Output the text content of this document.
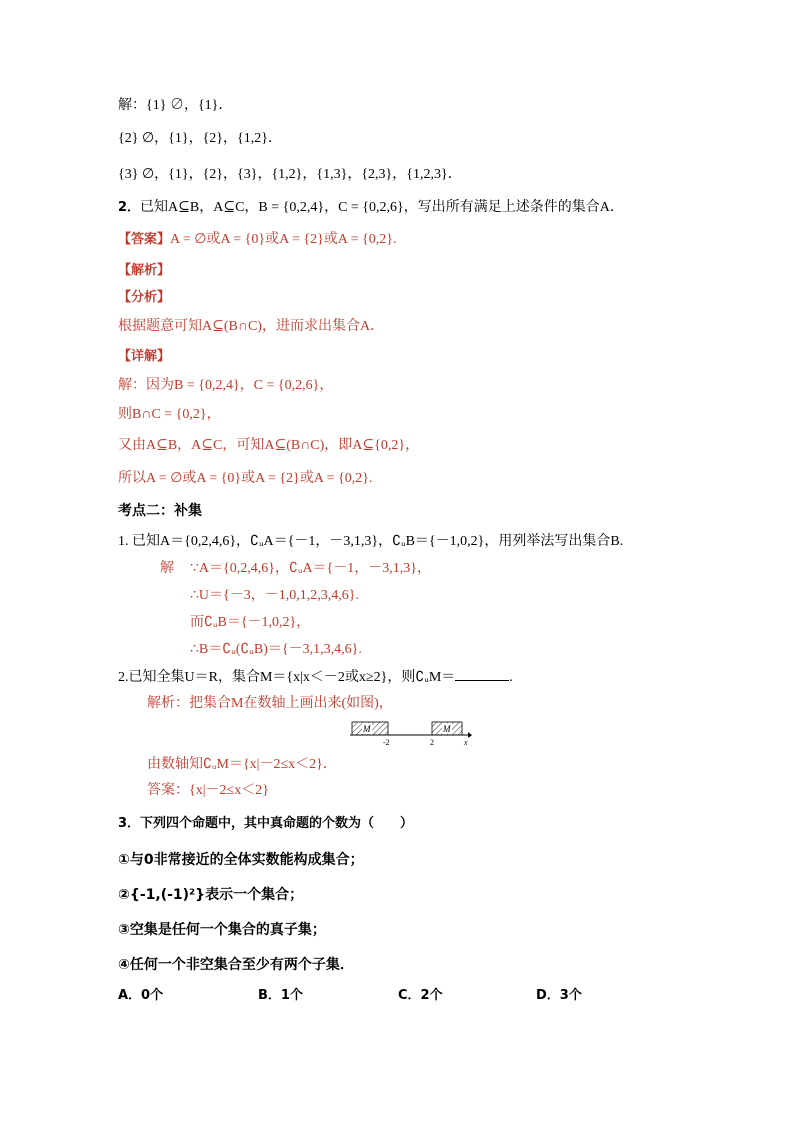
解：{1} ∅，{1}．
{2} ∅，{1}，{2}，{1,2}．
{3} ∅，{1}，{2}，{3}，{1,2}，{1,3}，{2,3}，{1,2,3}．
2．已知A⊆B，A⊆C，B = {0,2,4}，C = {0,2,6}，写出所有满足上述条件的集合A．
【答案】A = ∅或A = {0}或A = {2}或A = {0,2}.
【解析】
【分析】
根据题意可知A⊆(B∩C)，进而求出集合A．
【详解】
解：因为B = {0,2,4}，C = {0,2,6}，
则B∩C = {0,2}，
又由A⊆B，A⊆C，可知A⊆(B∩C)，即A⊆{0,2}，
所以A = ∅或A = {0}或A = {2}或A = {0,2}.
考点二：补集
1. 已知A＝{0,2,4,6}，∁ᵤA＝{－1，－3,1,3}，∁ᵤB＝{－1,0,2}，用列举法写出集合B.
解 ∵A＝{0,2,4,6}，∁ᵤA＝{－1，－3,1,3}，
∴U＝{－3，－1,0,1,2,3,4,6}.
而∁ᵤB＝{－1,0,2}，
∴B＝∁ᵤ(∁ᵤB)＝{－3,1,3,4,6}.
2.已知全集U＝R，集合M＝{x|x＜－2或x≥2}，则∁ᵤM＝	.
解析：把集合M在数轴上画出来(如图)，
M	M
-2	2	x
由数轴知∁ᵤM＝{x|－2≤x＜2}．
答案：{x|－2≤x＜2}
3．下列四个命题中，其中真命题的个数为（　　）
①与0非常接近的全体实数能构成集合；
②{-1,(-1)²}表示一个集合；
③空集是任何一个集合的真子集；
④任何一个非空集合至少有两个子集．
A．0个	B．1个	C．2个	D．3个
